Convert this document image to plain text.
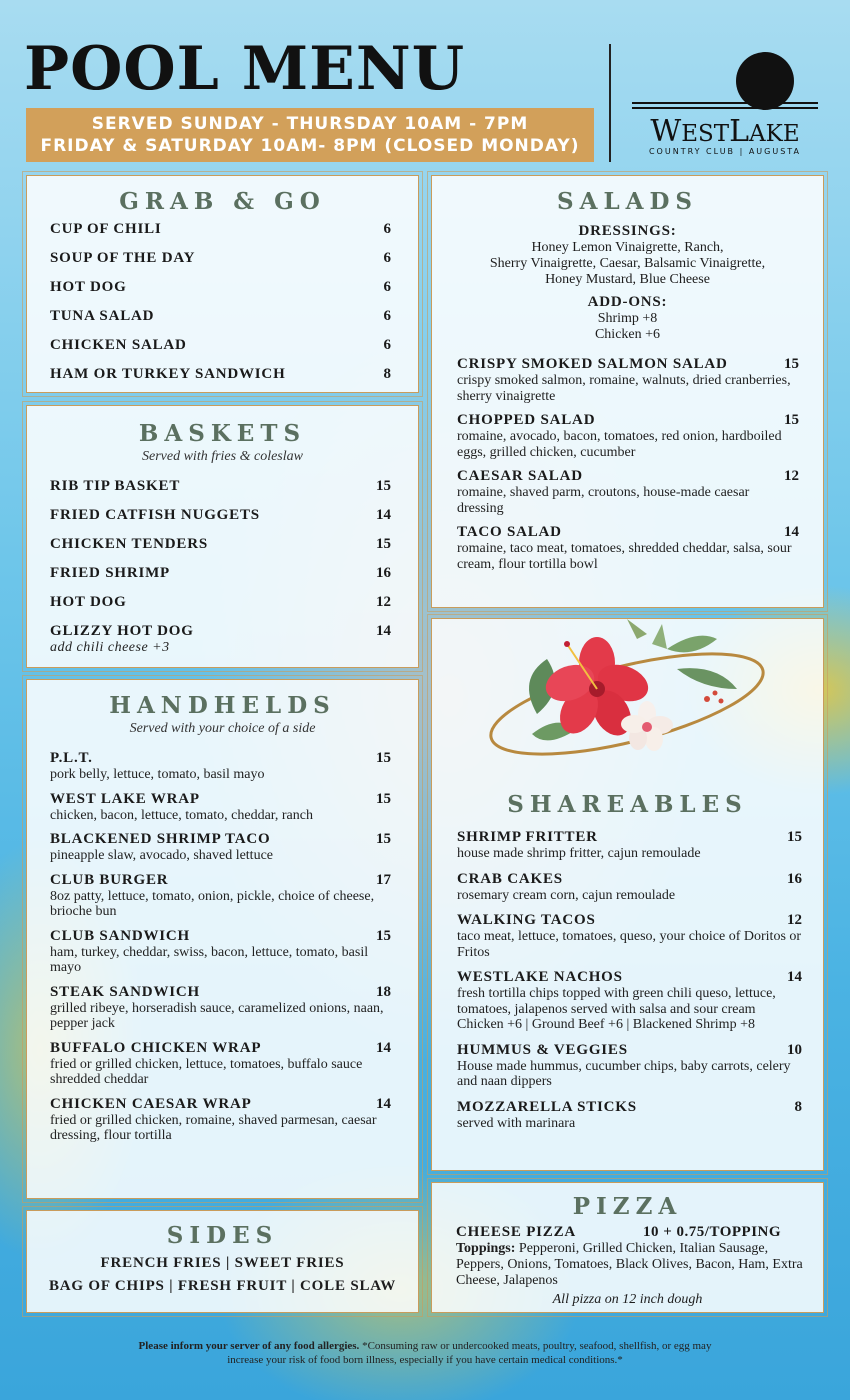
POOL MENU
SERVED SUNDAY - THURSDAY 10AM - 7PM
FRIDAY & SATURDAY 10AM- 8PM (CLOSED MONDAY)	WESTLAKE
COUNTRY CLUB | AUGUSTA
GRAB & GO
CUP OF CHILI	6
SOUP OF THE DAY	6
HOT DOG	6
TUNA SALAD	6
CHICKEN SALAD	6
HAM OR TURKEY SANDWICH	8
BASKETS
Served with fries & coleslaw
RIB TIP BASKET	15
FRIED CATFISH NUGGETS	14
CHICKEN TENDERS	15
FRIED SHRIMP	16
HOT DOG	12
GLIZZY HOT DOG	14
add chili cheese +3
HANDHELDS
Served with your choice of a side
P.L.T.	15
pork belly, lettuce, tomato, basil mayo
WEST LAKE WRAP	15
chicken, bacon, lettuce, tomato, cheddar, ranch
BLACKENED SHRIMP TACO	15
pineapple slaw, avocado, shaved lettuce
CLUB BURGER	17
8oz patty, lettuce, tomato, onion, pickle, choice of cheese, brioche bun
CLUB SANDWICH	15
ham, turkey, cheddar, swiss, bacon, lettuce, tomato, basil mayo
STEAK SANDWICH	18
grilled ribeye, horseradish sauce, caramelized onions, naan, pepper jack
BUFFALO CHICKEN WRAP	14
fried or grilled chicken, lettuce, tomatoes, buffalo sauce shredded cheddar
CHICKEN CAESAR WRAP	14
fried or grilled chicken, romaine, shaved parmesan, caesar dressing, flour tortilla
SIDES
FRENCH FRIES | SWEET FRIES
BAG OF CHIPS | FRESH FRUIT | COLE SLAW
SALADS
DRESSINGS:
Honey Lemon Vinaigrette, Ranch,
Sherry Vinaigrette, Caesar, Balsamic Vinaigrette,
Honey Mustard, Blue Cheese
ADD-ONS:
Shrimp +8
Chicken +6
CRISPY SMOKED SALMON SALAD	15
crispy smoked salmon, romaine, walnuts, dried cranberries, sherry vinaigrette
CHOPPED SALAD	15
romaine, avocado, bacon, tomatoes, red onion, hardboiled eggs, grilled chicken, cucumber
CAESAR SALAD	12
romaine, shaved parm, croutons, house-made caesar dressing
TACO SALAD	14
romaine, taco meat, tomatoes, shredded cheddar, salsa, sour cream, flour tortilla bowl
SHAREABLES
SHRIMP FRITTER	15
house made shrimp fritter, cajun remoulade
CRAB CAKES	16
rosemary cream corn, cajun remoulade
WALKING TACOS	12
taco meat, lettuce, tomatoes, queso, your choice of Doritos or Fritos
WESTLAKE NACHOS	14
fresh tortilla chips topped with green chili queso, lettuce, tomatoes, jalapenos served with salsa and sour cream Chicken +6 | Ground Beef +6 | Blackened Shrimp +8
HUMMUS & VEGGIES	10
House made hummus, cucumber chips, baby carrots, celery and naan dippers
MOZZARELLA STICKS	8
served with marinara
PIZZA
CHEESE PIZZA	10 + 0.75/TOPPING
Toppings: Pepperoni, Grilled Chicken, Italian Sausage, Peppers, Onions, Tomatoes, Black Olives, Bacon, Ham, Extra Cheese, Jalapenos
All pizza on 12 inch dough
Please inform your server of any food allergies. *Consuming raw or undercooked meats, poultry, seafood, shellfish, or egg may increase your risk of food born illness, especially if you have certain medical conditions.*
